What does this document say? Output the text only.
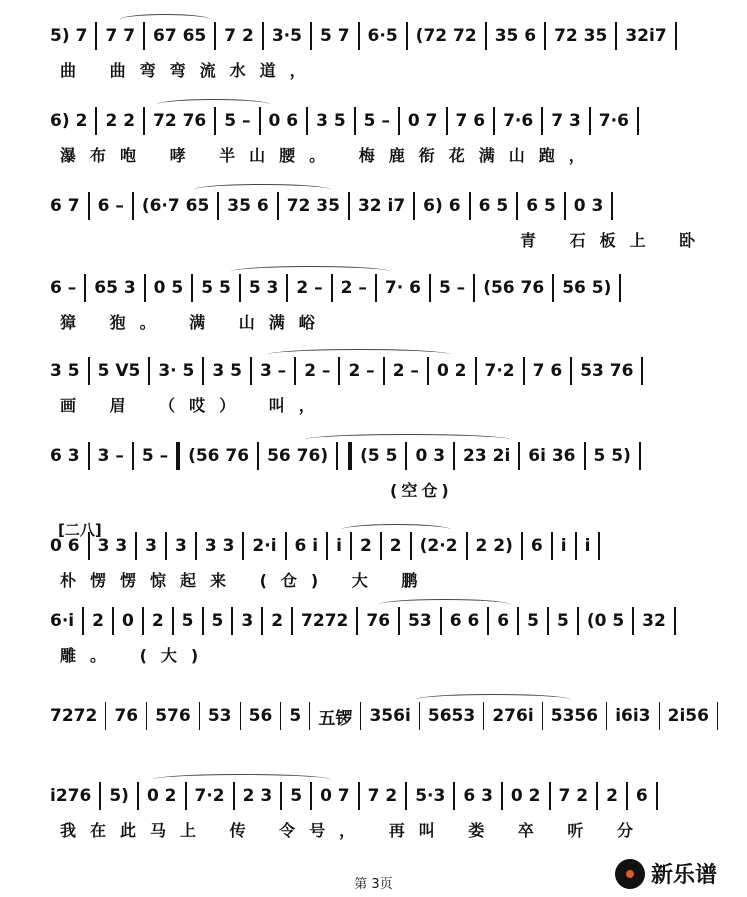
5) 7 7 7 67 65 7 2 3·5 5 7 6·5 (72 72 35 6 72 35 32i7
曲 曲弯弯流水道，
6) 2 2 2 72 76 5 – 0 6 3 5 5 – 0 7 7 6 7·6 7 3 7·6
瀑布咆 哮 半山腰。 梅鹿衔花满山跑，
6 7 6 – (6·7 65 35 6 72 35 32 i7 6) 6 6 5 6 5 0 3
青 石板上 卧
6 – 65 3 0 5 5 5 5 3 2 – 2 – 7· 6 5 – (56 76 56 5)
獐 狍。 满 山满峪
3 5 5 V5 3· 5 3 5 3 – 2 – 2 – 2 – 0 2 7·2 7 6 53 76
画 眉 （哎） 叫，
6 3 3 – 5 – (56 76 56 76) (5 5 0 3 23 2i 6i 36 5 5)
(空仓)
0 6 3 3 3 3 3 3 2·i 6 i i 2 2 (2·2 2 2) 6 i i
朴愣愣惊起来 (仓) 大 鹏
6·i 2 0 2 5 5 3 2 7272 76 53 6 6 6 5 5 (0 5 32
雕。 (大)
7272 76 576 53 56 5 五锣 356i 5653 276i 5356 i6i3 2i56
i276 5) 0 2 7·2 2 3 5 0 7 7 2 5·3 6 3 0 2 7 2 2 6
我在此马上 传 令号， 再叫 娄 卒 听 分
[二八]
第 3页	新乐谱
